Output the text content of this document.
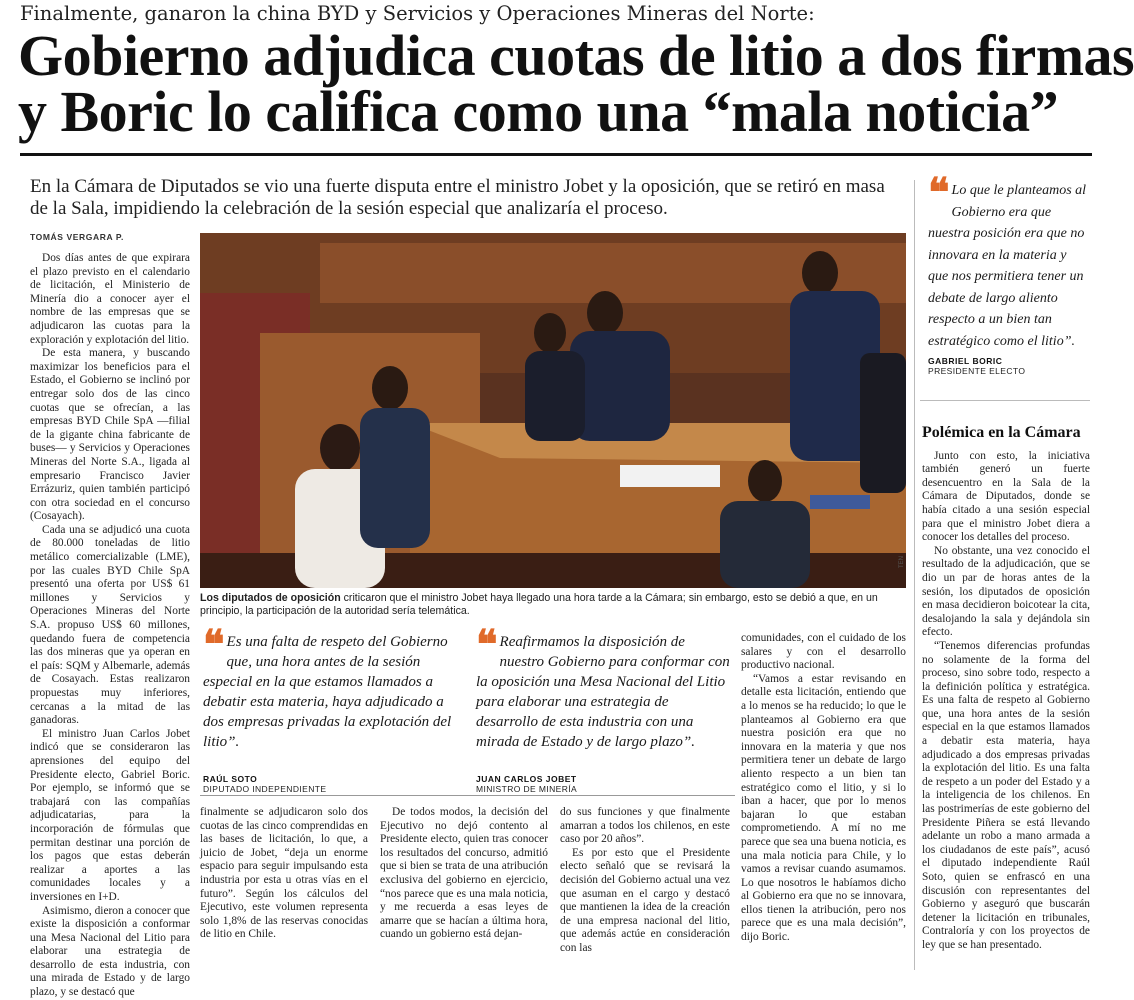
Finalmente, ganaron la china BYD y Servicios y Operaciones Mineras del Norte:
Gobierno adjudica cuotas de litio a dos firmas
y Boric lo califica como una “mala noticia”
En la Cámara de Diputados se vio una fuerte disputa entre el ministro Jobet y la oposición, que se retiró en masa de la Sala, impidiendo la celebración de la sesión especial que analizaría el proceso.
TOMÁS VERGARA P.

Dos días antes de que expirara el plazo previsto en el calendario de licitación, el Ministerio de Minería dio a conocer ayer el nombre de las empresas que se adjudicaron las cuotas para la exploración y explotación del litio.

De esta manera, y buscando maximizar los beneficios para el Estado, el Gobierno se inclinó por entregar solo dos de las cinco cuotas que se ofrecían, a las empresas BYD Chile SpA —filial de la gigante china fabricante de buses— y Servicios y Operaciones Mineras del Norte S.A., ligada al empresario Francisco Javier Errázuriz, quien también participó con otra sociedad en el concurso (Cosayach).

Cada una se adjudicó una cuota de 80.000 toneladas de litio metálico comercializable (LME), por las cuales BYD Chile SpA presentó una oferta por US$ 61 millones y Servicios y Operaciones Mineras del Norte S.A. propuso US$ 60 millones, quedando fuera de competencia las dos mineras que ya operan en el país: SQM y Albemarle, además de Cosayach. Estas realizaron propuestas muy inferiores, cercanas a la mitad de las ganadoras.

El ministro Juan Carlos Jobet indicó que se consideraron las aprensiones del equipo del Presidente electo, Gabriel Boric. Por ejemplo, se informó que se trabajará con las compañías adjudicatarias, para la incorporación de fórmulas que permitan destinar una porción de los pagos que estas deberán realizar a aportes a las comunidades locales y a inversiones en I+D.

Asimismo, dieron a conocer que existe la disposición a conformar una Mesa Nacional del Litio para elaborar una estrategia de desarrollo de esta industria, con una mirada de Estado y de largo plazo, y se destacó que

Los diputados de oposición criticaron que el ministro Jobet haya llegado una hora tarde a la Cámara; sin embargo, esto se debió a que, en un principio, la participación de la autoridad sería telemática.
TEN
❝ Lo que le planteamos al Gobierno era que nuestra posición era que no innovara en la materia y que nos permitiera tener un debate de largo aliento respecto a un bien tan estratégico como el litio”.
GABRIEL BORIC
PRESIDENTE ELECTO
Polémica en la Cámara

Junto con esto, la iniciativa también generó un fuerte desencuentro en la Sala de la Cámara de Diputados, donde se había citado a una sesión especial para que el ministro Jobet diera a conocer los detalles del proceso.

No obstante, una vez conocido el resultado de la adjudicación, que se dio un par de horas antes de la sesión, los diputados de oposición en masa decidieron boicotear la cita, desalojando la sala y dejándola sin efecto.

“Tenemos diferencias profundas no solamente de la forma del proceso, sino sobre todo, respecto a la definición política y estratégica. Es una falta de respeto al Gobierno que, una hora antes de la sesión especial en la que estamos llamados a debatir esta materia, haya adjudicado a dos empresas privadas la explotación del litio. Es una falta de respeto a un poder del Estado y a la inteligencia de los chilenos. En las postrimerías de este gobierno del Presidente Piñera se está llevando adelante un robo a mano armada a los ciudadanos de este país”, acusó el diputado independiente Raúl Soto, quien se enfrascó en una discusión con representantes del Gobierno y aseguró que buscarán detener la licitación en tribunales, Contraloría y con los proyectos de ley que se han presentado.

❝ Es una falta de respeto del Gobierno que, una hora antes de la sesión especial en la que estamos llamados a debatir esta materia, haya adjudicado a dos empresas privadas la explotación del litio”.
RAÚL SOTO
DIPUTADO INDEPENDIENTE
❝ Reafirmamos la disposición de nuestro Gobierno para conformar con la oposición una Mesa Nacional del Litio para elaborar una estrategia de desarrollo de esta industria con una mirada de Estado y de largo plazo”.
JUAN CARLOS JOBET
MINISTRO DE MINERÍA

comunidades, con el cuidado de los salares y con el desarrollo productivo nacional.

“Vamos a estar revisando en detalle esta licitación, entiendo que a lo menos se ha reducido; lo que le planteamos al Gobierno era que nuestra posición era que no innovara en la materia y que nos permitiera tener un debate de largo aliento respecto a un bien tan estratégico como el litio, y si lo iban a hacer, que por lo menos bajaran lo que estaban comprometiendo. A mí no me parece que sea una buena noticia, es una mala noticia para Chile, y lo vamos a revisar cuando asumamos. Lo que nosotros le habíamos dicho al Gobierno era que no se innovara, ellos tienen la atribución, pero nos parece que es una mala decisión”, dijo Boric.

finalmente se adjudicaron solo dos cuotas de las cinco comprendidas en las bases de licitación, lo que, a juicio de Jobet, “deja un enorme espacio para seguir impulsando esta industria por esta u otras vías en el futuro”. Según los cálculos del Ejecutivo, este volumen representa solo 1,8% de las reservas conocidas de litio en Chile.

De todos modos, la decisión del Ejecutivo no dejó contento al Presidente electo, quien tras conocer los resultados del concurso, admitió que si bien se trata de una atribución exclusiva del gobierno en ejercicio, “nos parece que es una mala noticia, y me recuerda a esas leyes de amarre que se hacían a última hora, cuando un gobierno está dejan-

do sus funciones y que finalmente amarran a todos los chilenos, en este caso por 20 años”.

Es por esto que el Presidente electo señaló que se revisará la decisión del Gobierno actual una vez que asuman en el cargo y destacó que mantienen la idea de la creación de una empresa nacional del litio, que además actúe en consideración con las
